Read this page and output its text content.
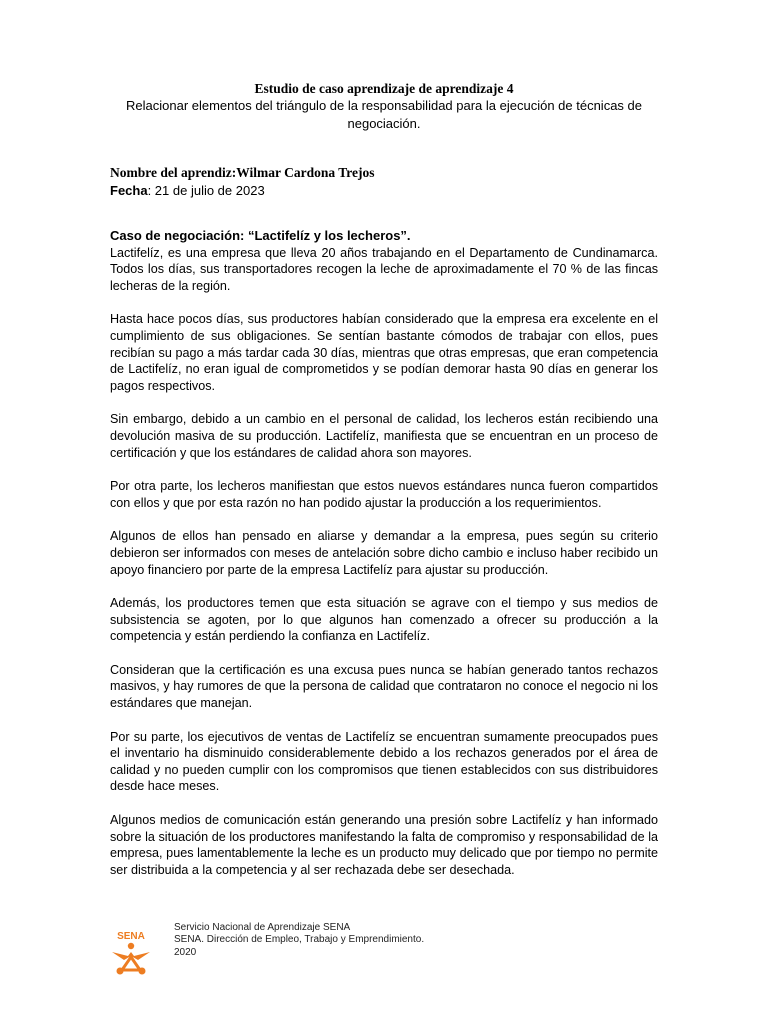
Estudio de caso aprendizaje de aprendizaje 4
Relacionar elementos del triángulo de la responsabilidad para la ejecución de técnicas de negociación.
Nombre del aprendiz:Wilmar Cardona Trejos
Fecha: 21 de julio de 2023
Caso de negociación: “Lactifelíz y los lecheros”.

Lactifelíz, es una empresa que lleva 20 años trabajando en el Departamento de Cundinamarca. Todos los días, sus transportadores recogen la leche de aproximadamente el 70 % de las fincas lecheras de la región.

Hasta hace pocos días, sus productores habían considerado que la empresa era excelente en el cumplimiento de sus obligaciones. Se sentían bastante cómodos de trabajar con ellos, pues recibían su pago a más tardar cada 30 días, mientras que otras empresas, que eran competencia de Lactifelíz, no eran igual de comprometidos y se podían demorar hasta 90 días en generar los pagos respectivos.

Sin embargo, debido a un cambio en el personal de calidad, los lecheros están recibiendo una devolución masiva de su producción. Lactifelíz, manifiesta que se encuentran en un proceso de certificación y que los estándares de calidad ahora son mayores.

Por otra parte, los lecheros manifiestan que estos nuevos estándares nunca fueron compartidos con ellos y que por esta razón no han podido ajustar la producción a los requerimientos.

Algunos de ellos han pensado en aliarse y demandar a la empresa, pues según su criterio debieron ser informados con meses de antelación sobre dicho cambio e incluso haber recibido un apoyo financiero por parte de la empresa Lactifelíz para ajustar su producción.

Además, los productores temen que esta situación se agrave con el tiempo y sus medios de subsistencia se agoten, por lo que algunos han comenzado a ofrecer su producción a la competencia y están perdiendo la confianza en Lactifelíz.

Consideran que la certificación es una excusa pues nunca se habían generado tantos rechazos masivos, y hay rumores de que la persona de calidad que contrataron no conoce el negocio ni los estándares que manejan.

Por su parte, los ejecutivos de ventas de Lactifelíz se encuentran sumamente preocupados pues el inventario ha disminuido considerablemente debido a los rechazos generados por el área de calidad y no pueden cumplir con los compromisos que tienen establecidos con sus distribuidores desde hace meses.

Algunos medios de comunicación están generando una presión sobre Lactifelíz y han informado sobre la situación de los productores manifestando la falta de compromiso y responsabilidad de la empresa, pues lamentablemente la leche es un producto muy delicado que por tiempo no permite ser distribuida a la competencia y al ser rechazada debe ser desechada.

SENA
Servicio Nacional de Aprendizaje SENA
SENA. Dirección de Empleo, Trabajo y Emprendimiento.
2020
